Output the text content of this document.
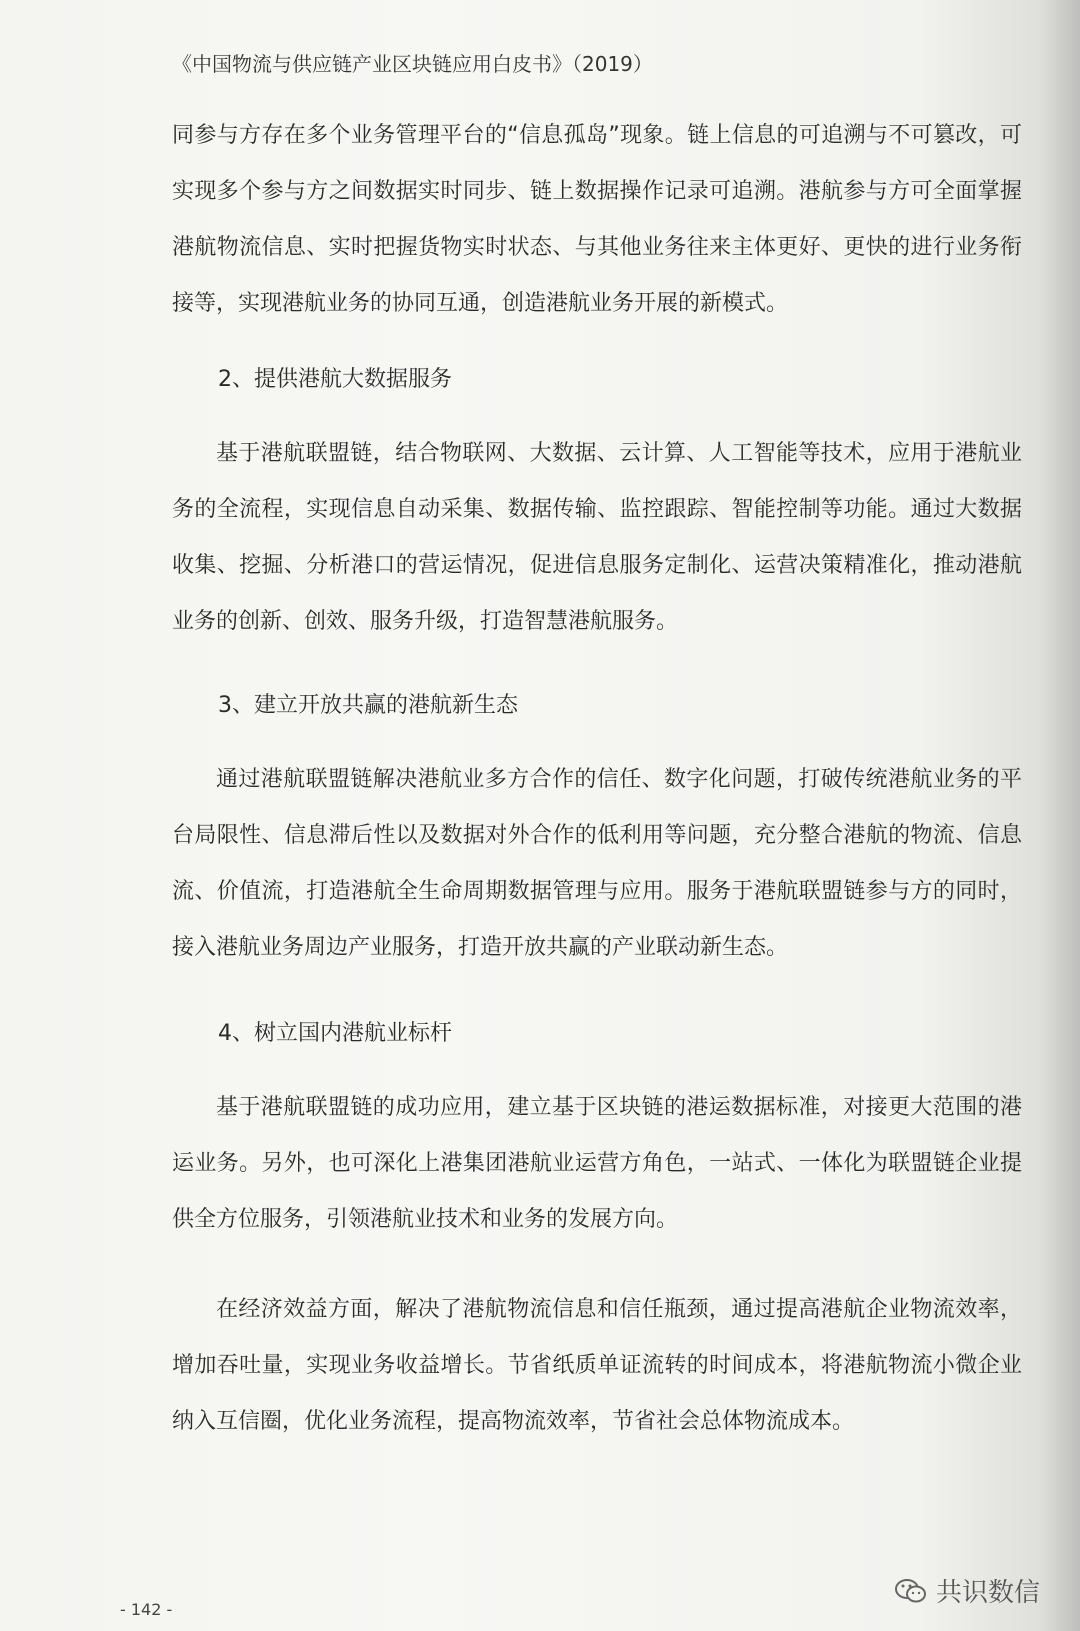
《中国物流与供应链产业区块链应用白皮书》（2019）

同参与方存在多个业务管理平台的“信息孤岛”现象。链上信息的可追溯与不可篡改，可实现多个参与方之间数据实时同步、链上数据操作记录可追溯。港航参与方可全面掌握港航物流信息、实时把握货物实时状态、与其他业务往来主体更好、更快的进行业务衔接等，实现港航业务的协同互通，创造港航业务开展的新模式。

2、提供港航大数据服务

基于港航联盟链，结合物联网、大数据、云计算、人工智能等技术，应用于港航业务的全流程，实现信息自动采集、数据传输、监控跟踪、智能控制等功能。通过大数据收集、挖掘、分析港口的营运情况，促进信息服务定制化、运营决策精准化，推动港航业务的创新、创效、服务升级，打造智慧港航服务。

3、建立开放共赢的港航新生态

通过港航联盟链解决港航业多方合作的信任、数字化问题，打破传统港航业务的平台局限性、信息滞后性以及数据对外合作的低利用等问题，充分整合港航的物流、信息流、价值流，打造港航全生命周期数据管理与应用。服务于港航联盟链参与方的同时，接入港航业务周边产业服务，打造开放共赢的产业联动新生态。

4、树立国内港航业标杆

基于港航联盟链的成功应用，建立基于区块链的港运数据标准，对接更大范围的港运业务。另外，也可深化上港集团港航业运营方角色，一站式、一体化为联盟链企业提供全方位服务，引领港航业技术和业务的发展方向。

在经济效益方面，解决了港航物流信息和信任瓶颈，通过提高港航企业物流效率，增加吞吐量，实现业务收益增长。节省纸质单证流转的时间成本，将港航物流小微企业纳入互信圈，优化业务流程，提高物流效率，节省社会总体物流成本。

- 142 -
共识数信
